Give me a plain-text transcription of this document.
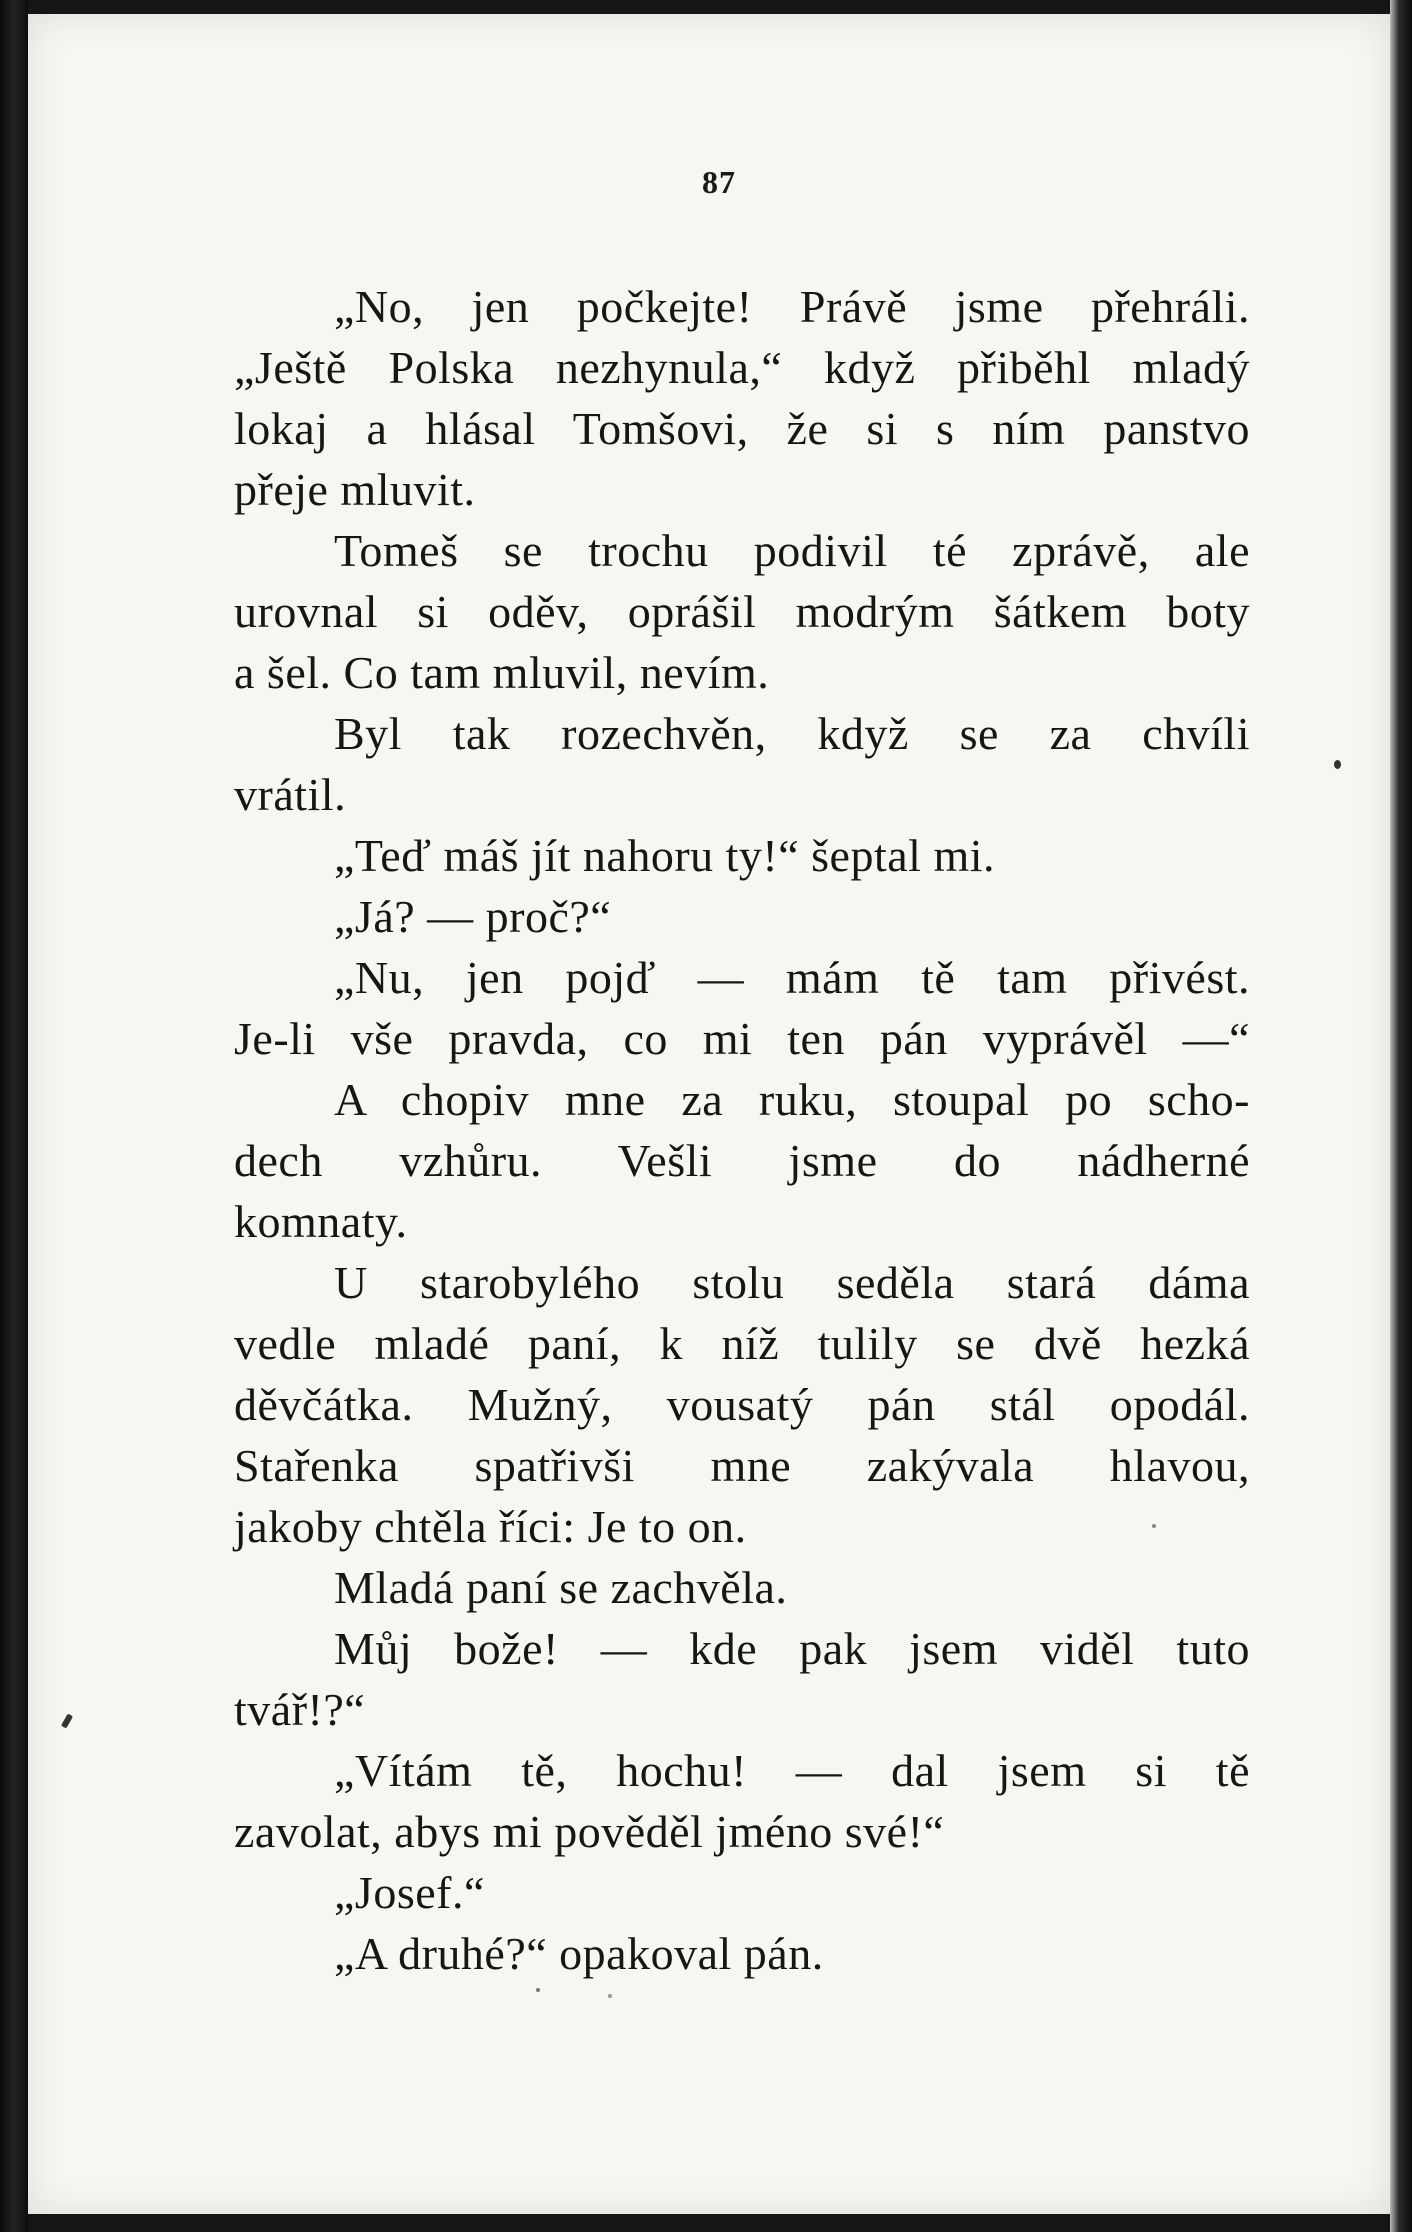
87
„No, jen počkejte! Právě jsme přehráli.
„Ještě Polska nezhynula,“ když přiběhl mladý
lokaj a hlásal Tomšovi, že si s ním panstvo
přeje mluvit.
Tomeš se trochu podivil té zprávě, ale
urovnal si oděv, oprášil modrým šátkem boty
a šel. Co tam mluvil, nevím.
Byl tak rozechvěn, když se za chvíli
vrátil.
„Teď máš jít nahoru ty!“ šeptal mi.
„Já? — proč?“
„Nu, jen pojď — mám tě tam přivést.
Je-li vše pravda, co mi ten pán vyprávěl —“
A chopiv mne za ruku, stoupal po scho-
dech vzhůru. Vešli jsme do nádherné
komnaty.
U starobylého stolu seděla stará dáma
vedle mladé paní, k níž tulily se dvě hezká
děvčátka. Mužný, vousatý pán stál opodál.
Stařenka spatřivši mne zakývala hlavou,
jakoby chtěla říci: Je to on.
Mladá paní se zachvěla.
Můj bože! — kde pak jsem viděl tuto
tvář!?“
„Vítám tě, hochu! — dal jsem si tě
zavolat, abys mi pověděl jméno své!“
„Josef.“
„A druhé?“ opakoval pán.
